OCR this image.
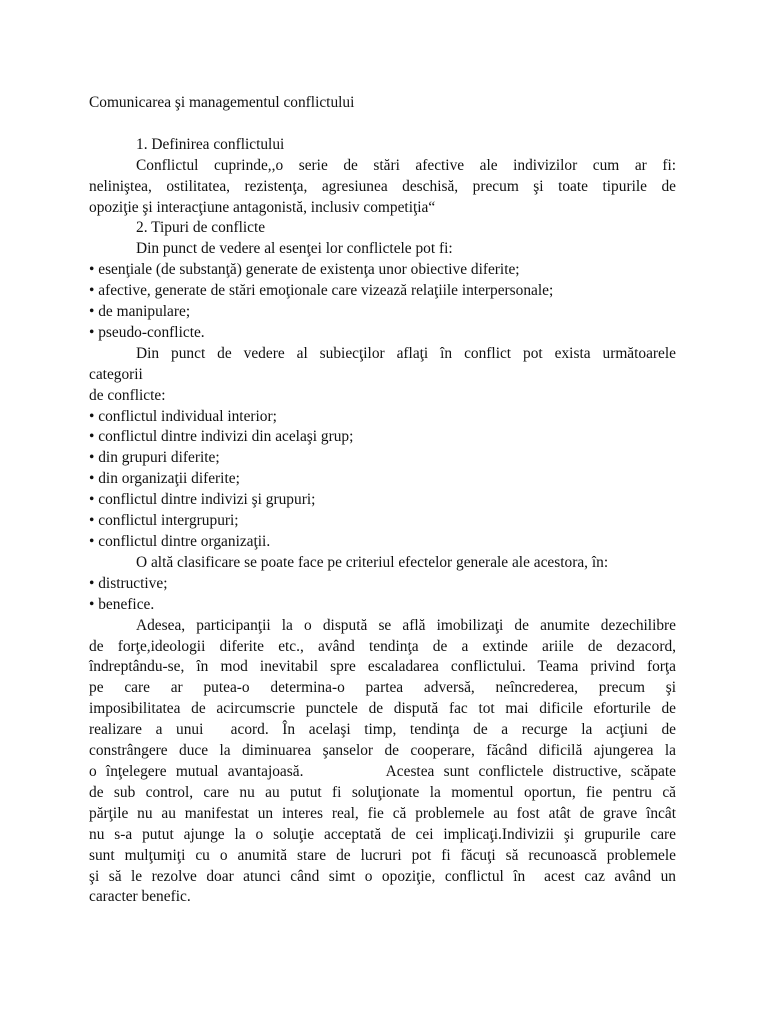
Comunicarea şi managementul conflictului
1. Definirea conflictului
Conflictul cuprinde,,o serie de stări afective ale indivizilor cum ar fi:
nelinişte​a, ostilitatea, rezistenţa, agresiunea deschisă, precum şi toate tipurile de
opoziţie şi interacţiune antagonistă, inclusiv competiţia“
2. Tipuri de conflicte
Din punct de vedere al esenţei lor conflictele pot fi:
• esenţiale (de substanţă) generate de existenţa unor obiective diferite;
• afective, generate de stări emoţionale care vizează relaţiile interpersonale;
• de manipulare;
• pseudo-conflicte.
Din punct de vedere al subiecţilor aflaţi în conflict pot exista următoarele
categorii
de conflicte:
• conflictul individual interior;
• conflictul dintre indivizi din acelaşi grup;
• din grupuri diferite;
• din organizaţii diferite;
• conflictul dintre indivizi şi grupuri;
• conflictul intergrupuri;
• conflictul dintre organizaţii.
O altă clasificare se poate face pe criteriul efectelor generale ale acestora, în:
• distructive;
• benefice.
Adesea, participanţii la o dispută se află imobilizaţi de anumite dezechilibre
de forţe,ideologii diferite etc., având tendinţa de a extinde ariile de dezacord,
îndreptându-se, în mod inevitabil spre escaladarea conflictului. Teama privind forţa
pe care ar putea-o determina-o partea adversă, neîncrederea, precum şi
imposibilitatea de acircumscrie punctele de dispută fac tot mai dificile eforturile de
realizare a unui  acord. În acelaşi timp, tendinţa de a recurge la acţiuni de
constrângere duce la diminuarea şanselor de cooperare, făcând dificilă ajungerea la
o înţelegere mutual avantajoasă.         Acestea sunt conflictele distructive, scăpate
de sub control, care nu au putut fi soluţionate la momentul oportun, fie pentru că
părţile nu au manifestat un interes real, fie că problemele au fost atât de grave încât
nu s-a putut ajunge la o soluţie acceptată de cei implicaţi.Indivizii şi grupurile care
sunt mulţumiţi cu o anumită stare de lucruri pot fi făcuţi să recunoască problemele
şi să le rezolve doar atunci când simt o opoziţie, conflictul în  acest caz având un
caracter benefic.
